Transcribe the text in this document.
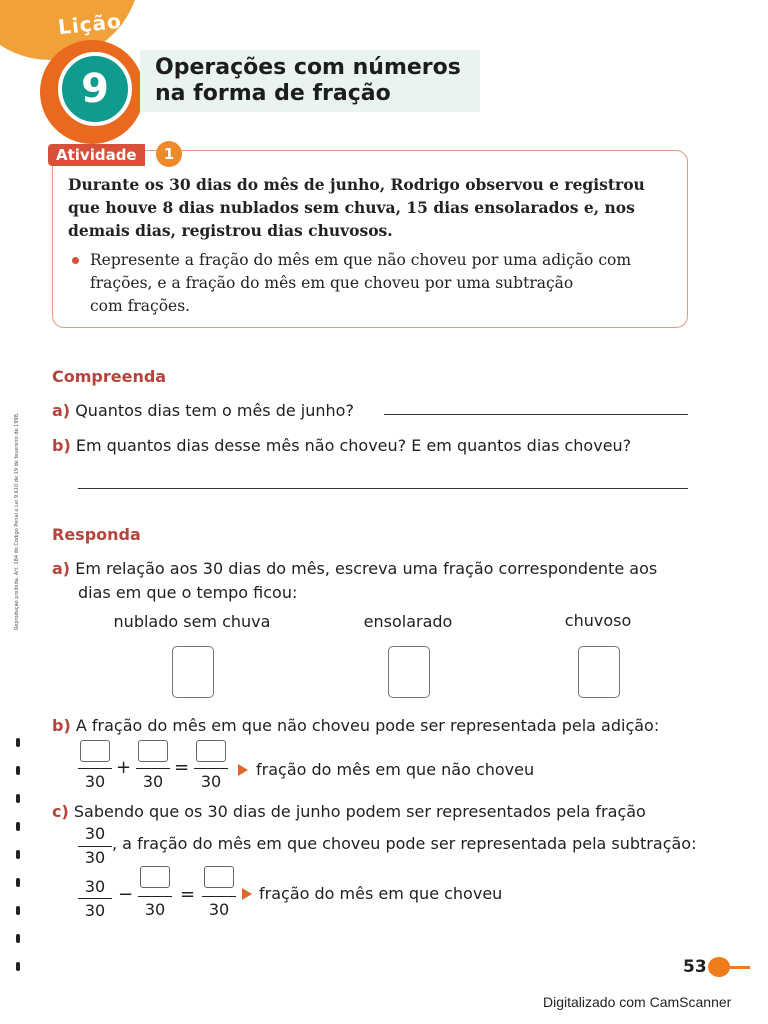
Lição
9	Operações com números
na forma de fração
Atividade	1
Durante os 30 dias do mês de junho, Rodrigo observou e registrou
que houve 8 dias nublados sem chuva, 15 dias ensolarados e, nos
demais dias, registrou dias chuvosos.
Represente a fração do mês em que não choveu por uma adição com
frações, e a fração do mês em que choveu por uma subtração
com frações.
Reprodução proibida. Art. 184 do Código Penal e Lei 9.610 de 19 de fevereiro de 1998.
Compreenda
a) Quantos dias tem o mês de junho?
b) Em quantos dias desse mês não choveu? E em quantos dias choveu?
Responda
a) Em relação aos 30 dias do mês, escreva uma fração correspondente aos
dias em que o tempo ficou:
nublado sem chuva	ensolarado	chuvoso
b) A fração do mês em que não choveu pode ser representada pela adição:
30
+
30
=
30
fração do mês em que não choveu
c) Sabendo que os 30 dias de junho podem ser representados pela fração
30
30
, a fração do mês em que choveu pode ser representada pela subtração:
30
30
−
30
=
30
fração do mês em que choveu
53
Digitalizado com CamScanner
